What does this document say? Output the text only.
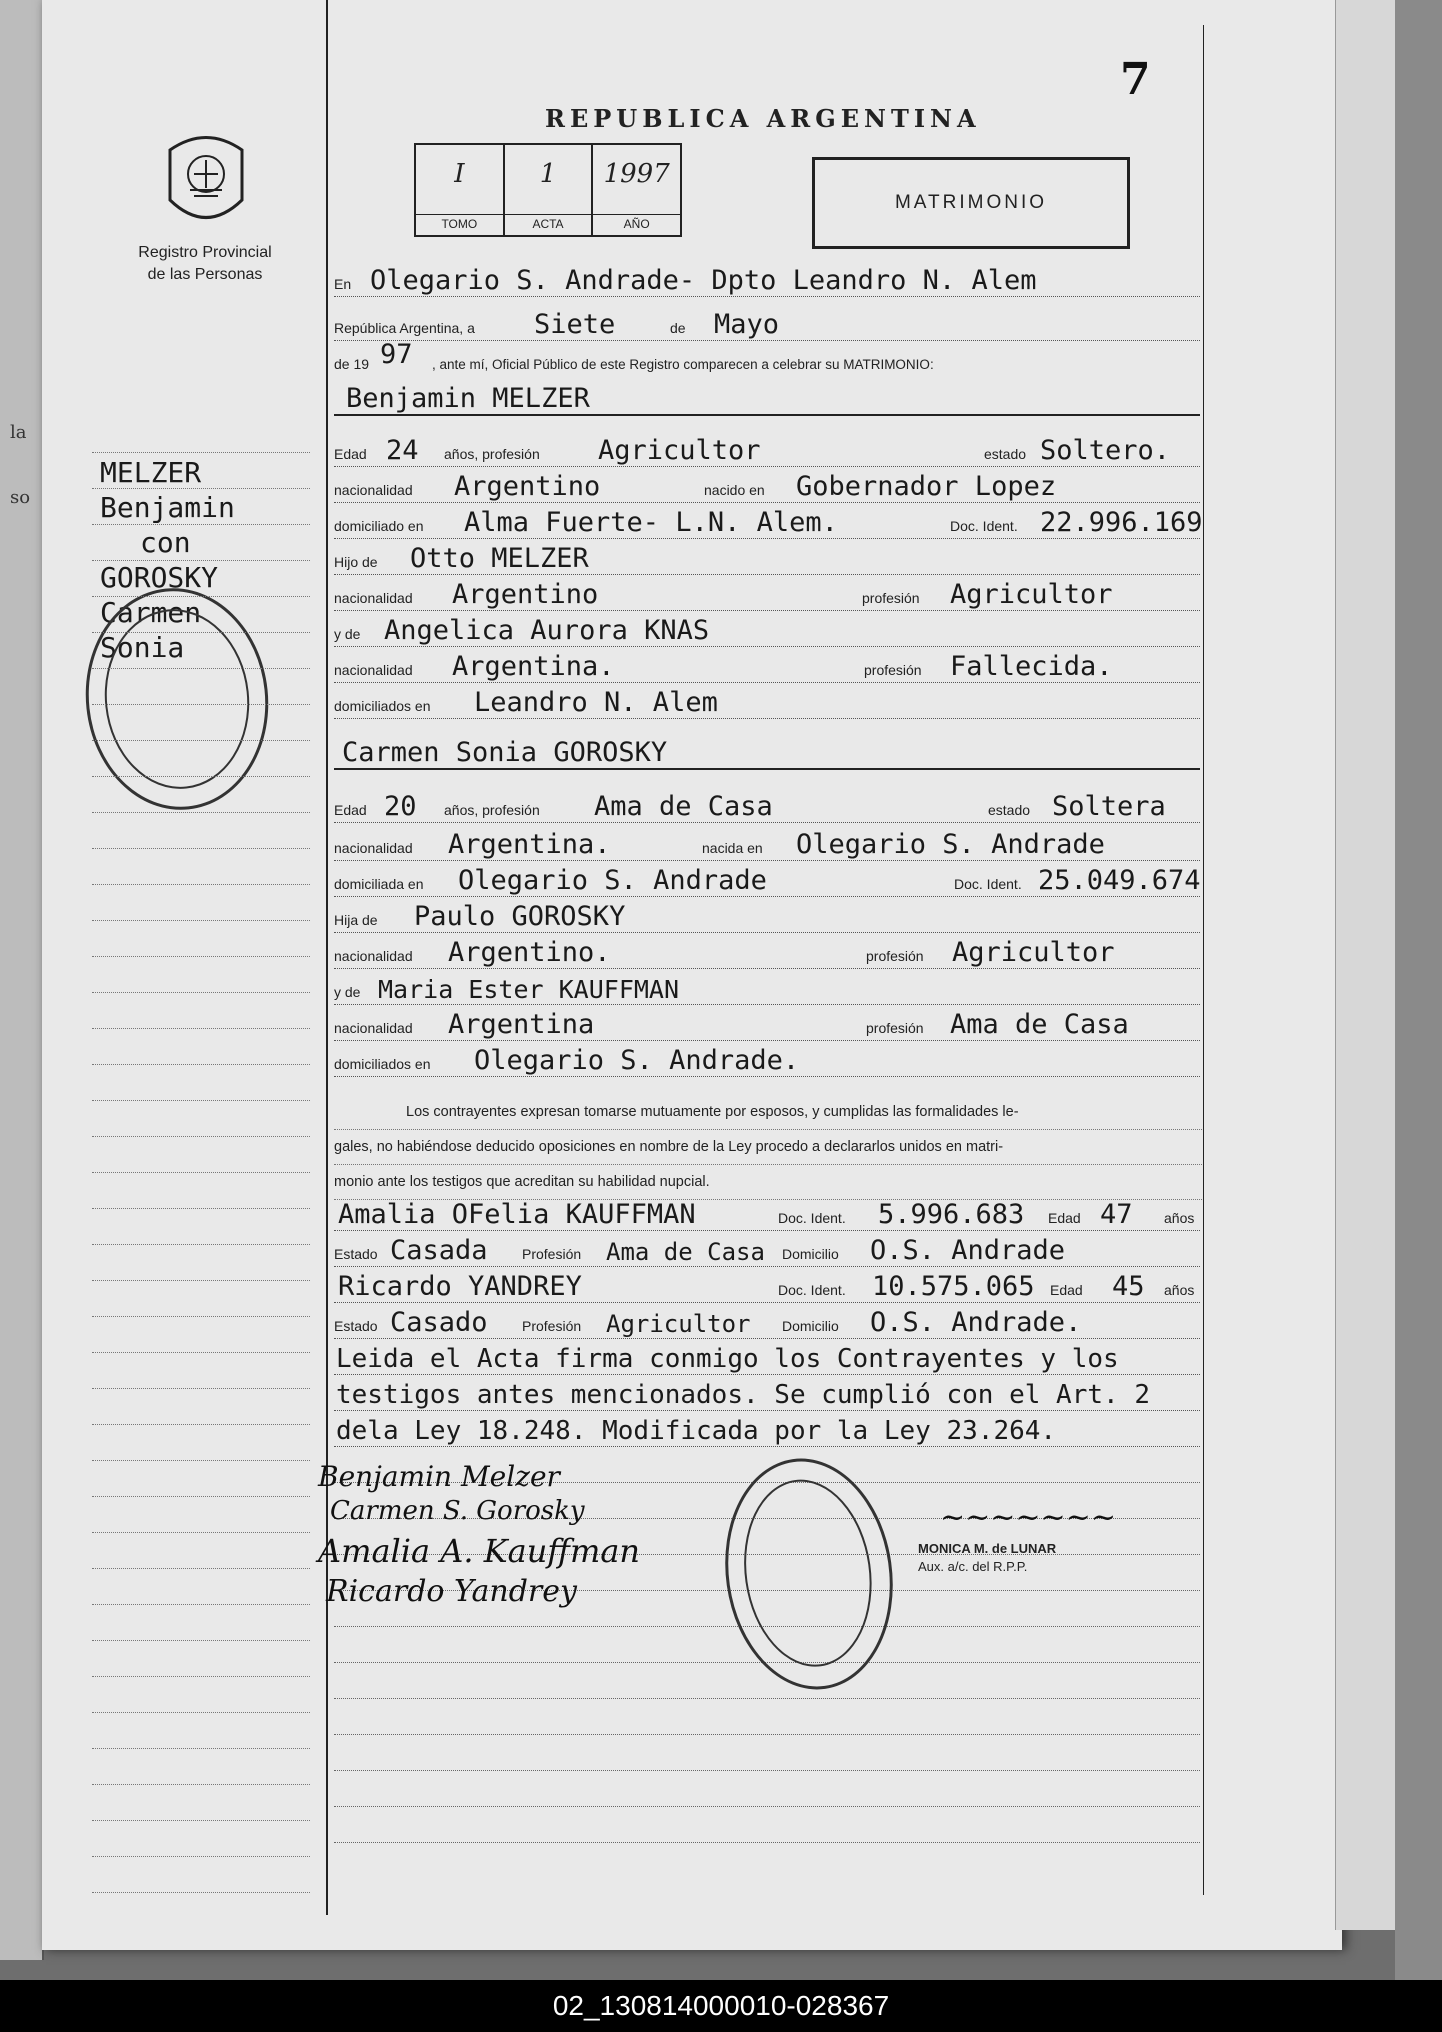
la
so
7
REPUBLICA ARGENTINA
Registro Provincial
de las Personas
I
TOMO
1
ACTA
1997
AÑO
MATRIMONIO
En Olegario S. Andrade- Dpto Leandro N. Alem
República Argentina, a Siete	de Mayo
de 19 97 , ante mí, Oficial Público de este Registro comparecen a celebrar su MATRIMONIO:
Benjamin MELZER
Edad 24 años, profesión Agricultor	estado Soltero.
nacionalidad Argentino	nacido en Gobernador Lopez
domiciliado en Alma Fuerte- L.N. Alem.	Doc. Ident. 22.996.169
Hijo de Otto MELZER
nacionalidad Argentino	profesión Agricultor
y de Angelica Aurora KNAS
nacionalidad Argentina.	profesión Fallecida.
domiciliados en Leandro N. Alem
Carmen Sonia GOROSKY
Edad 20 años, profesión Ama de Casa	estado Soltera
nacionalidad Argentina.	nacida en Olegario S. Andrade
domiciliada en Olegario S. Andrade	Doc. Ident. 25.049.674
Hija de Paulo GOROSKY
nacionalidad Argentino.	profesión Agricultor
y de Maria Ester KAUFFMAN
nacionalidad Argentina	profesión Ama de Casa
domiciliados en Olegario S. Andrade.
Los contrayentes expresan tomarse mutuamente por esposos, y cumplidas las formalidades le-
gales, no habiéndose deducido oposiciones en nombre de la Ley procedo a declararlos unidos en matri-
monio ante los testigos que acreditan su habilidad nupcial.
Amalia OFelia KAUFFMAN	Doc. Ident. 5.996.683 Edad 47 años
Estado Casada Profesión Ama de Casa Domicilio O.S. Andrade
Ricardo YANDREY	Doc. Ident. 10.575.065 Edad 45 años
Estado Casado Profesión Agricultor Domicilio O.S. Andrade.
Leida el Acta firma conmigo los Contrayentes y los
testigos antes mencionados. Se cumplió con el Art. 2
dela Ley 18.248. Modificada por la Ley 23.264.
Benjamin Melzer
Carmen S. Gorosky
Amalia A. Kauffman
Ricardo Yandrey
~~~~~~~
MONICA M. de LUNAR
Aux. a/c. del R.P.P.
MELZER
Benjamin
con
GOROSKY
Carmen
Sonia
02_130814000010-028367
